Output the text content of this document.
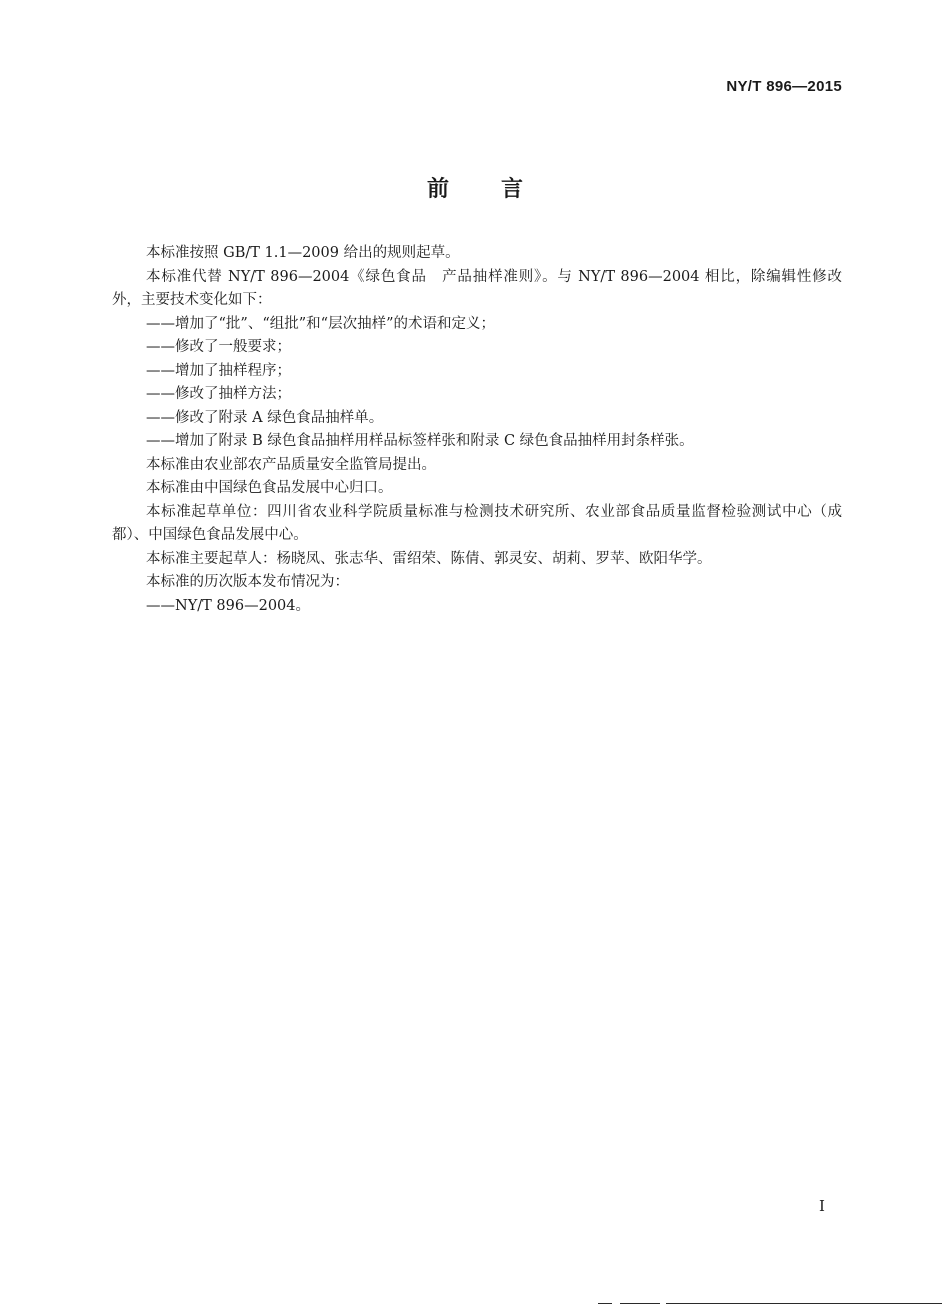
NY/T 896—2015
前言

本标准按照 GB/T 1.1—2009 给出的规则起草。

本标准代替 NY/T 896—2004《绿色食品　产品抽样准则》。与 NY/T 896—2004 相比，除编辑性修改外，主要技术变化如下：

——增加了“批”、“组批”和“层次抽样”的术语和定义；

——修改了一般要求；

——增加了抽样程序；

——修改了抽样方法；

——修改了附录 A 绿色食品抽样单。

——增加了附录 B 绿色食品抽样用样品标签样张和附录 C 绿色食品抽样用封条样张。

本标准由农业部农产品质量安全监管局提出。

本标准由中国绿色食品发展中心归口。

本标准起草单位：四川省农业科学院质量标准与检测技术研究所、农业部食品质量监督检验测试中心（成都）、中国绿色食品发展中心。

本标准主要起草人：杨晓凤、张志华、雷绍荣、陈倩、郭灵安、胡莉、罗苹、欧阳华学。

本标准的历次版本发布情况为：

——NY/T 896—2004。

I
